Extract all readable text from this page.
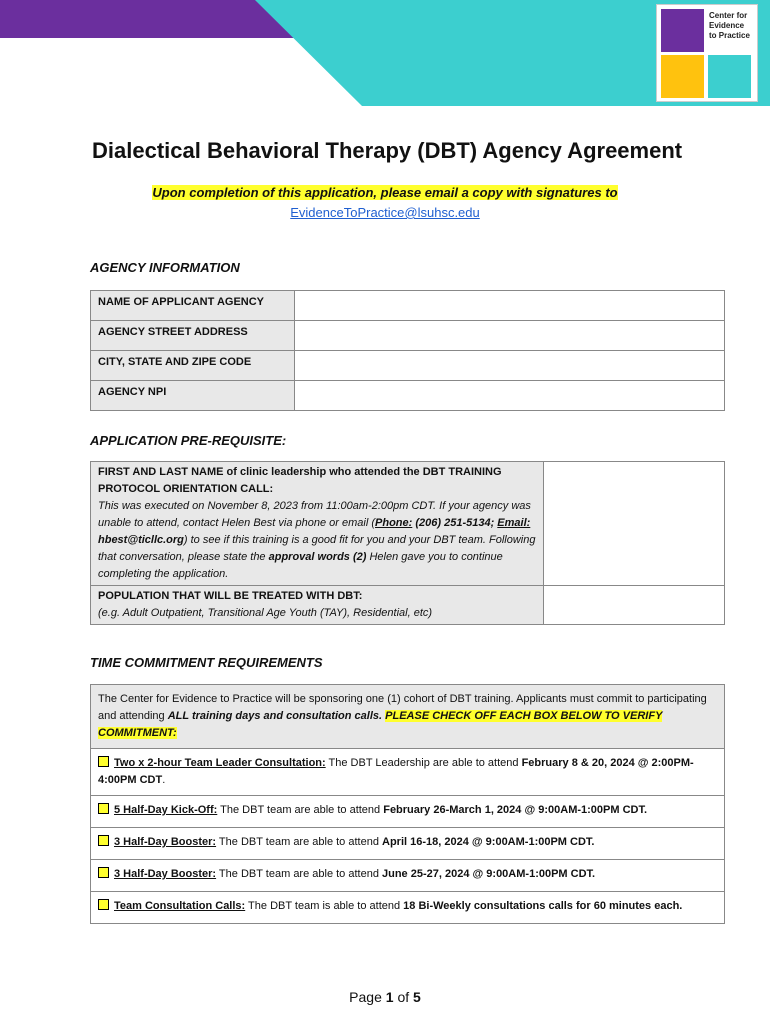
Center for
Evidence
to Practice
Dialectical Behavioral Therapy (DBT) Agency Agreement
Upon completion of this application, please email a copy with signatures to
EvidenceToPractice@lsuhsc.edu

AGENCY INFORMATION

NAME OF APPLICANT AGENCY	
AGENCY STREET ADDRESS	
CITY, STATE AND ZIPE CODE	
AGENCY NPI	

APPLICATION PRE-REQUISITE:

FIRST AND LAST NAME of clinic leadership who attended the DBT TRAINING PROTOCOL ORIENTATION CALL:
This was executed on November 8, 2023 from 11:00am-2:00pm CDT. If your agency was unable to attend, contact Helen Best via phone or email (Phone: (206) 251-5134; Email: hbest@ticllc.org) to see if this training is a good fit for you and your DBT team. Following that conversation, please state the approval words (2) Helen gave you to continue completing the application.	
POPULATION THAT WILL BE TREATED WITH DBT:
(e.g. Adult Outpatient, Transitional Age Youth (TAY), Residential, etc)	

TIME COMMITMENT REQUIREMENTS

The Center for Evidence to Practice will be sponsoring one (1) cohort of DBT training. Applicants must commit to participating and attending ALL training days and consultation calls. PLEASE CHECK OFF EACH BOX BELOW TO VERIFY COMMITMENT:
Two x 2-hour Team Leader Consultation: The DBT Leadership are able to attend February 8 & 20, 2024 @ 2:00PM-4:00PM CDT.
5 Half-Day Kick-Off: The DBT team are able to attend February 26-March 1, 2024 @ 9:00AM-1:00PM CDT.
3 Half-Day Booster: The DBT team are able to attend April 16-18, 2024 @ 9:00AM-1:00PM CDT.
3 Half-Day Booster: The DBT team are able to attend June 25-27, 2024 @ 9:00AM-1:00PM CDT.
Team Consultation Calls: The DBT team is able to attend 18 Bi-Weekly consultations calls for 60 minutes each.
Page 1 of 5
